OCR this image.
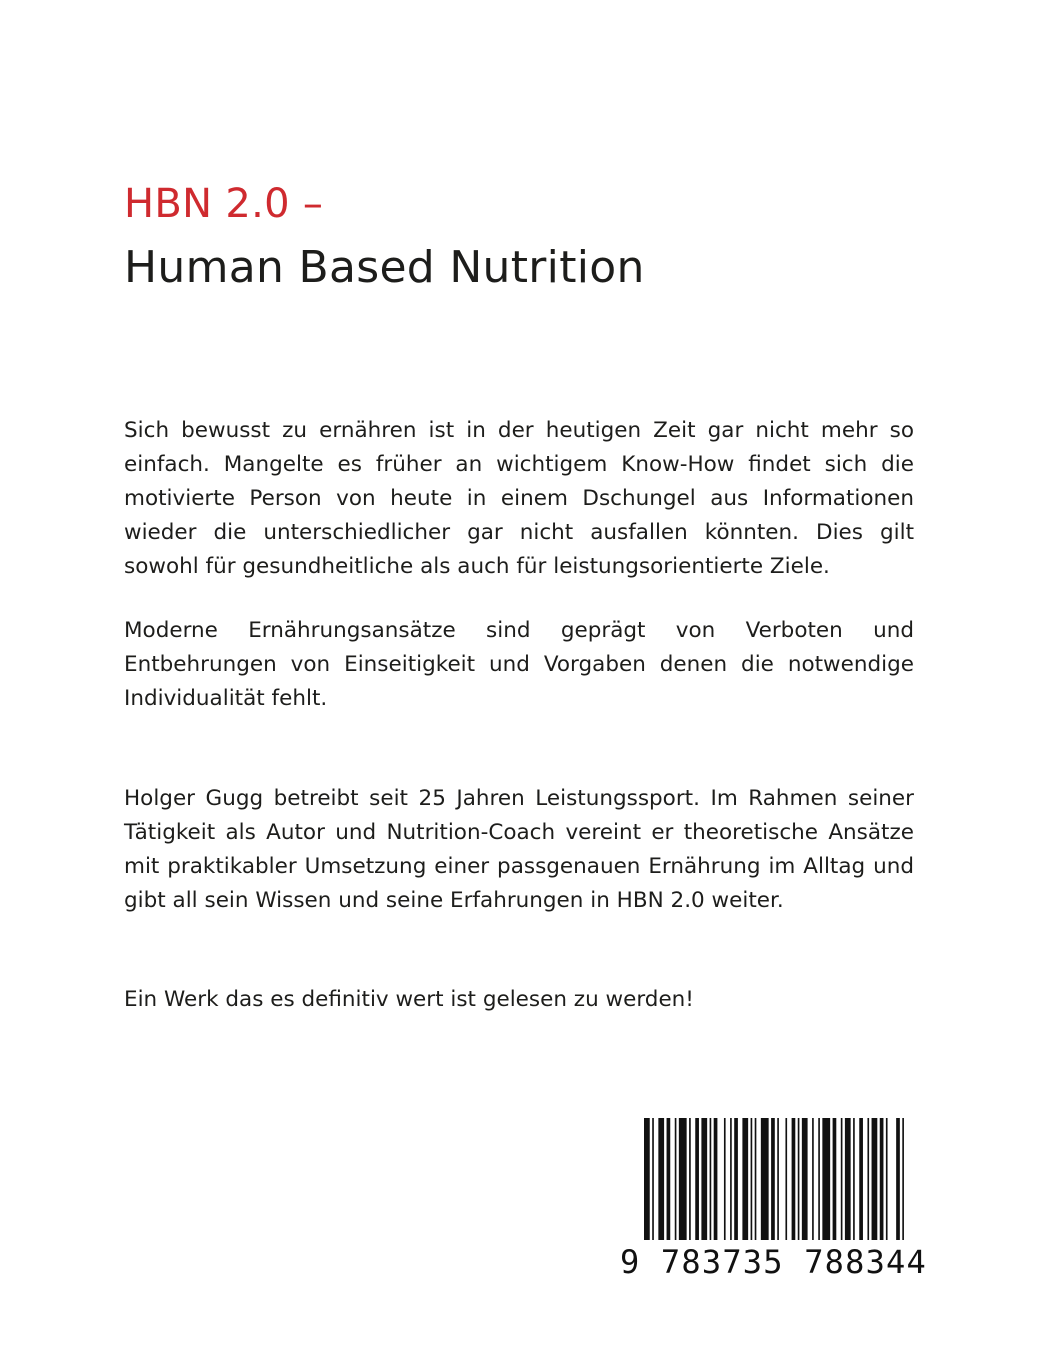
HBN 2.0 –
Human Based Nutrition

Sich bewusst zu ernähren ist in der heutigen Zeit gar nicht mehr so einfach. Mangelte es früher an wichtigem Know-How findet sich die motivierte Person von heute in einem Dschungel aus Informationen wieder die unterschiedlicher gar nicht ausfallen könnten. Dies gilt sowohl für gesundheitliche als auch für leistungsorientierte Ziele.

Moderne Ernährungsansätze sind geprägt von Verboten und Entbehrungen von Einseitigkeit und Vorgaben denen die notwendige Individualität fehlt.

Holger Gugg betreibt seit 25 Jahren Leistungssport. Im Rahmen seiner Tätigkeit als Autor und Nutrition-Coach vereint er theoretische Ansätze mit praktikabler Umsetzung einer passgenauen Ernährung im Alltag und gibt all sein Wissen und seine Erfahrungen in HBN 2.0 weiter.

Ein Werk das es definitiv wert ist gelesen zu werden!

9 783735 788344
